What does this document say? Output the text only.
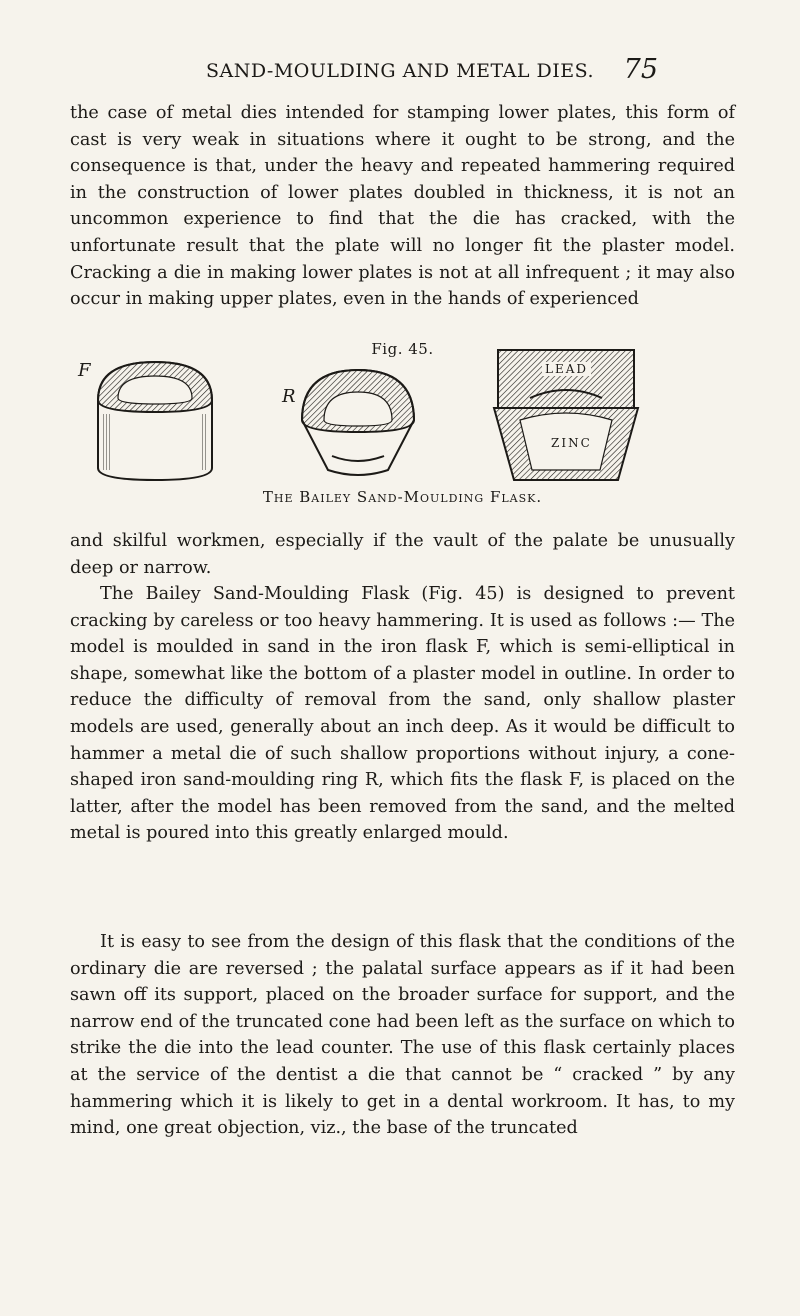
SAND-MOULDING AND METAL DIES.	75

the case of metal dies intended for stamping lower plates, this form of cast is very weak in situations where it ought to be strong, and the consequence is that, under the heavy and repeated hammering required in the construction of lower plates doubled in thickness, it is not an uncommon experience to find that the die has cracked, with the unfortunate result that the plate will no longer fit the plaster model. Cracking a die in making lower plates is not at all infrequent ; it may also occur in making upper plates, even in the hands of experienced

Fig. 45.
F
R
LEAD
ZINC
The Bailey Sand-Moulding Flask.

and skilful workmen, especially if the vault of the palate be unusually deep or narrow.

The Bailey Sand-Moulding Flask (Fig. 45) is designed to prevent cracking by careless or too heavy hammering. It is used as follows :— The model is moulded in sand in the iron flask F, which is semi-elliptical in shape, somewhat like the bottom of a plaster model in outline. In order to reduce the difficulty of removal from the sand, only shallow plaster models are used, generally about an inch deep. As it would be difficult to hammer a metal die of such shallow proportions without injury, a cone-shaped iron sand-moulding ring R, which fits the flask F, is placed on the latter, after the model has been removed from the sand, and the melted metal is poured into this greatly enlarged mould.

It is easy to see from the design of this flask that the conditions of the ordinary die are reversed ; the palatal surface appears as if it had been sawn off its support, placed on the broader surface for support, and the narrow end of the truncated cone had been left as the surface on which to strike the die into the lead counter. The use of this flask certainly places at the service of the dentist a die that cannot be “ cracked ” by any hammering which it is likely to get in a dental workroom. It has, to my mind, one great objection, viz., the base of the truncated
